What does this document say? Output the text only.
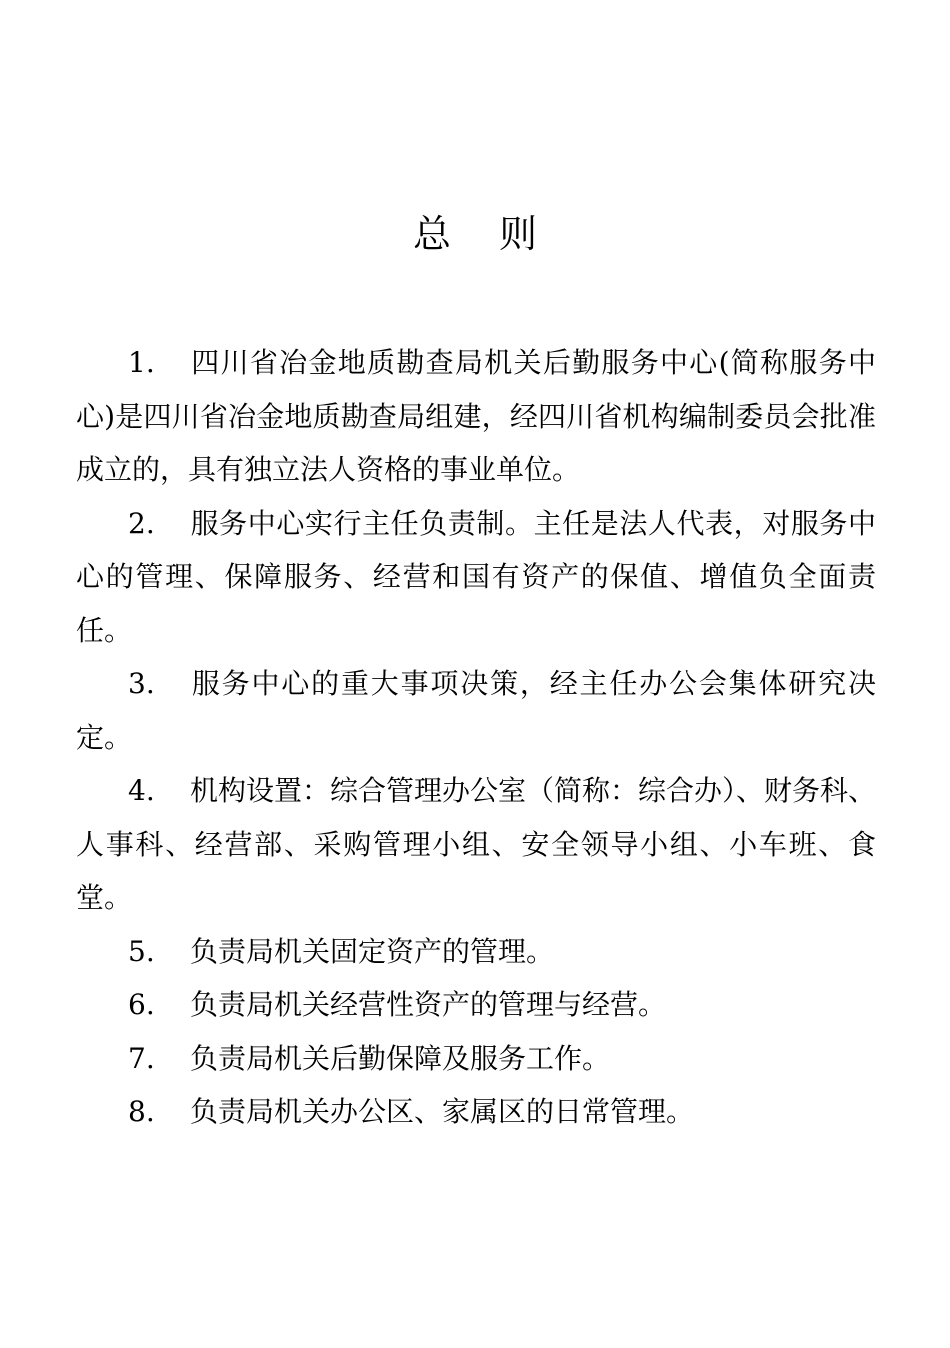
总 则

1. 四川省冶金地质勘查局机关后勤服务中心(简称服务中心)是四川省冶金地质勘查局组建，经四川省机构编制委员会批准成立的，具有独立法人资格的事业单位。

2. 服务中心实行主任负责制。主任是法人代表，对服务中心的管理、保障服务、经营和国有资产的保值、增值负全面责任。

3. 服务中心的重大事项决策，经主任办公会集体研究决定。

4. 机构设置：综合管理办公室（简称：综合办）、财务科、人事科、经营部、采购管理小组、安全领导小组、小车班、食堂。

5. 负责局机关固定资产的管理。

6. 负责局机关经营性资产的管理与经营。

7. 负责局机关后勤保障及服务工作。

8. 负责局机关办公区、家属区的日常管理。
